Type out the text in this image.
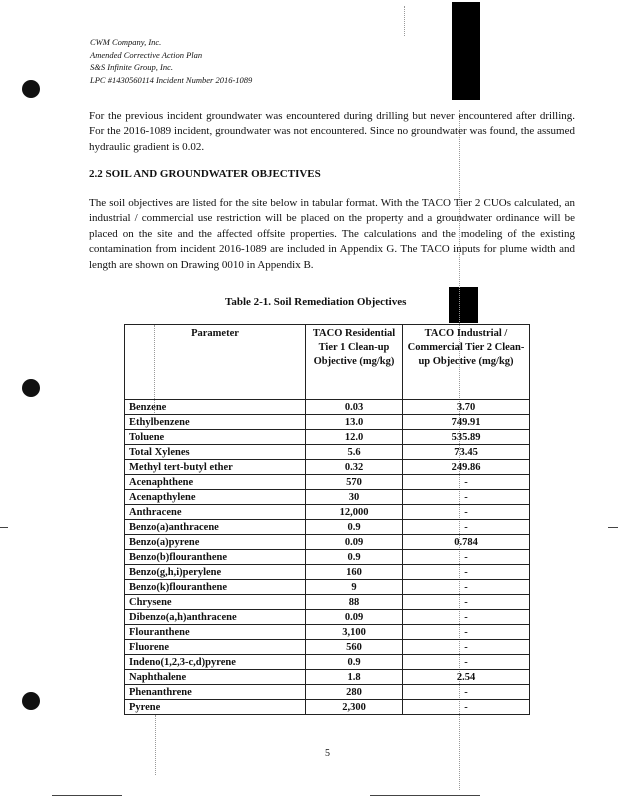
CWM Company, Inc.
Amended Corrective Action Plan
S&S Infinite Group, Inc.
LPC #1430560114 Incident Number 2016-1089
For the previous incident groundwater was encountered during drilling but never encountered after drilling. For the 2016-1089 incident, groundwater was not encountered. Since no groundwater was found, the assumed hydraulic gradient is 0.02.
2.2 SOIL AND GROUNDWATER OBJECTIVES
The soil objectives are listed for the site below in tabular format. With the TACO Tier 2 CUOs calculated, an industrial / commercial use restriction will be placed on the property and a groundwater ordinance will be placed on the site and the affected offsite properties. The calculations and the modeling of the existing contamination from incident 2016-1089 are included in Appendix G. The TACO inputs for plume width and length are shown on Drawing 0010 in Appendix B.
Table 2-1. Soil Remediation Objectives
Parameter	TACO Residential Tier 1 Clean-up Objective (mg/kg)	TACO Industrial / Commercial Tier 2 Clean-up Objective (mg/kg)
Benzene	0.03	3.70
Ethylbenzene	13.0	749.91
Toluene	12.0	535.89
Total Xylenes	5.6	73.45
Methyl tert-butyl ether	0.32	249.86
Acenaphthene	570	-
Acenapthylene	30	-
Anthracene	12,000	-
Benzo(a)anthracene	0.9	-
Benzo(a)pyrene	0.09	0.784
Benzo(b)flouranthene	0.9	-
Benzo(g,h,i)perylene	160	-
Benzo(k)flouranthene	9	-
Chrysene	88	-
Dibenzo(a,h)anthracene	0.09	-
Flouranthene	3,100	-
Fluorene	560	-
Indeno(1,2,3-c,d)pyrene	0.9	-
Naphthalene	1.8	2.54
Phenanthrene	280	-
Pyrene	2,300	-
5
